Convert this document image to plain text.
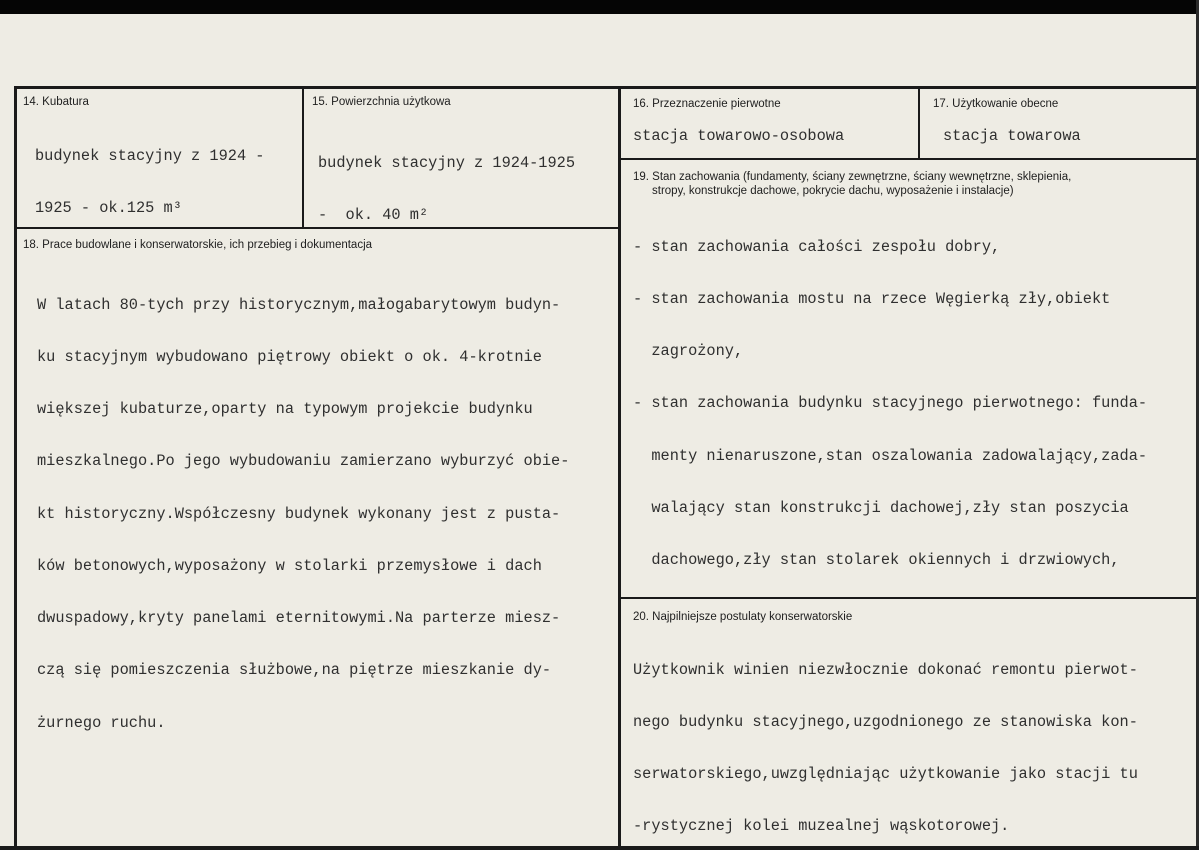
14. Kubatura

budynek stacyjny z 1924 -

1925 - ok.125 m³

15. Powierzchnia użytkowa

budynek stacyjny z 1924-1925

-  ok. 40 m²

16. Przeznaczenie pierwotne
stacja towarowo-osobowa
17. Użytkowanie obecne
stacja towarowa
18. Prace budowlane i konserwatorskie, ich przebieg i dokumentacja

W latach 80-tych przy historycznym,małogabarytowym budyn-

ku stacyjnym wybudowano piętrowy obiekt o ok. 4-krotnie

większej kubaturze,oparty na typowym projekcie budynku

mieszkalnego.Po jego wybudowaniu zamierzano wyburzyć obie-

kt historyczny.Współczesny budynek wykonany jest z pusta-

ków betonowych,wyposażony w stolarki przemysłowe i dach

dwuspadowy,kryty panelami eternitowymi.Na parterze miesz-

czą się pomieszczenia służbowe,na piętrze mieszkanie dy-

żurnego ruchu.

19. Stan zachowania (fundamenty, ściany zewnętrzne, ściany wewnętrzne, sklepienia,
stropy, konstrukcje dachowe, pokrycie dachu, wyposażenie i instalacje)

- stan zachowania całości zespołu dobry,

- stan zachowania mostu na rzece Węgierką zły,obiekt

zagrożony,

- stan zachowania budynku stacyjnego pierwotnego: funda-

menty nienaruszone,stan oszalowania zadowalający,zada-

walający stan konstrukcji dachowej,zły stan poszycia

dachowego,zły stan stolarek okiennych i drzwiowych,

20. Najpilniejsze postulaty konserwatorskie

Użytkownik winien niezwłocznie dokonać remontu pierwot-

nego budynku stacyjnego,uzgodnionego ze stanowiska kon-

serwatorskiego,uwzględniając użytkowanie jako stacji tu

-rystycznej kolei muzealnej wąskotorowej.
